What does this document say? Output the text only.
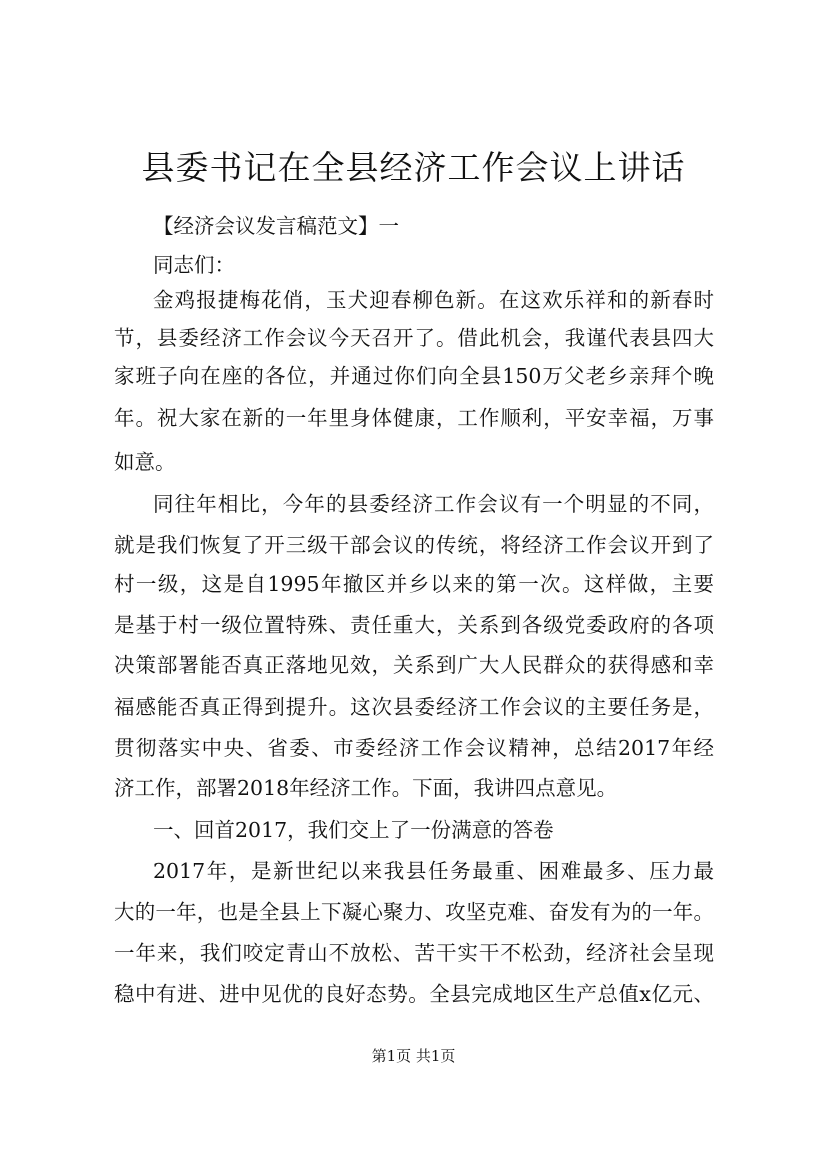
县委书记在全县经济工作会议上讲话
【经济会议发言稿范文】一
同志们：
金鸡报捷梅花俏，玉犬迎春柳色新。在这欢乐祥和的新春时
节，县委经济工作会议今天召开了。借此机会，我谨代表县四大
家班子向在座的各位，并通过你们向全县150万父老乡亲拜个晚
年。祝大家在新的一年里身体健康，工作顺利，平安幸福，万事
如意。
同往年相比，今年的县委经济工作会议有一个明显的不同，
就是我们恢复了开三级干部会议的传统，将经济工作会议开到了
村一级，这是自1995年撤区并乡以来的第一次。这样做，主要
是基于村一级位置特殊、责任重大，关系到各级党委政府的各项
决策部署能否真正落地见效，关系到广大人民群众的获得感和幸
福感能否真正得到提升。这次县委经济工作会议的主要任务是，
贯彻落实中央、省委、市委经济工作会议精神，总结2017年经
济工作，部署2018年经济工作。下面，我讲四点意见。
一、回首2017，我们交上了一份满意的答卷
2017年，是新世纪以来我县任务最重、困难最多、压力最
大的一年，也是全县上下凝心聚力、攻坚克难、奋发有为的一年。
一年来，我们咬定青山不放松、苦干实干不松劲，经济社会呈现
稳中有进、进中见优的良好态势。全县完成地区生产总值x亿元、
第1页 共1页
